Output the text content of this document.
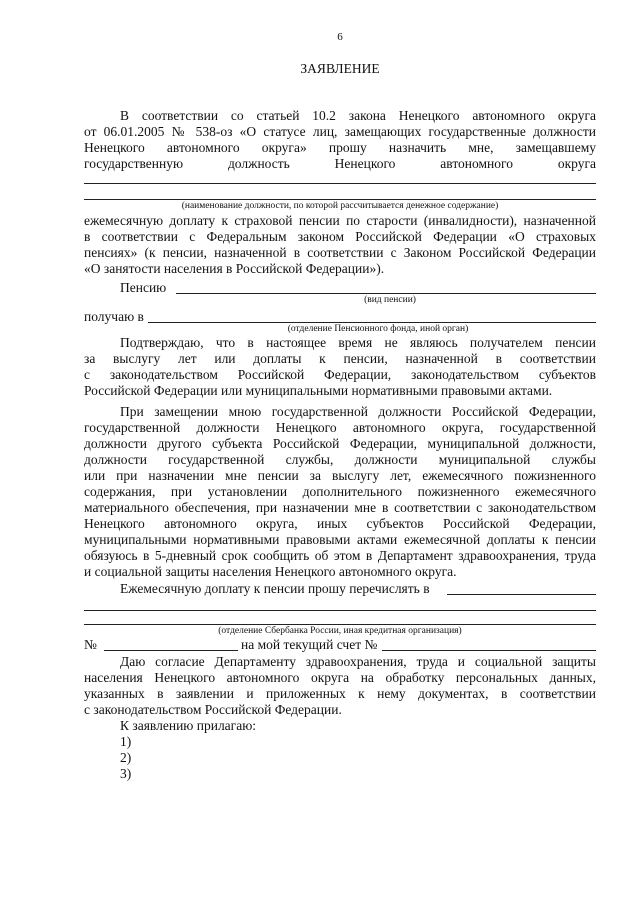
6
ЗАЯВЛЕНИЕ
В соответствии со статьей 10.2 закона Ненецкого автономного округа
от 06.01.2005 № 538-оз «О статусе лиц, замещающих государственные должности
Ненецкого автономного округа» прошу назначить мне, замещавшему
государственную должность Ненецкого автономного округа
(наименование должности, по которой рассчитывается денежное содержание)
ежемесячную доплату к страховой пенсии по старости (инвалидности), назначенной
в соответствии с Федеральным законом Российской Федерации «О страховых
пенсиях» (к пенсии, назначенной в соответствии с Законом Российской Федерации
«О занятости населения в Российской Федерации»).
Пенсию
(вид пенсии)
получаю в
(отделение Пенсионного фонда, иной орган)
Подтверждаю, что в настоящее время не являюсь получателем пенсии
за выслугу лет или доплаты к пенсии, назначенной в соответствии
с законодательством Российской Федерации, законодательством субъектов
Российской Федерации или муниципальными нормативными правовыми актами.
При замещении мною государственной должности Российской Федерации,
государственной должности Ненецкого автономного округа, государственной
должности другого субъекта Российской Федерации, муниципальной должности,
должности государственной службы, должности муниципальной службы
или при назначении мне пенсии за выслугу лет, ежемесячного пожизненного
содержания, при установлении дополнительного пожизненного ежемесячного
материального обеспечения, при назначении мне в соответствии с законодательством
Ненецкого автономного округа, иных субъектов Российской Федерации,
муниципальными нормативными правовыми актами ежемесячной доплаты к пенсии
обязуюсь в 5-дневный срок сообщить об этом в Департамент здравоохранения, труда
и социальной защиты населения Ненецкого автономного округа.
Ежемесячную доплату к пенсии прошу перечислять в
(отделение Сбербанка России, иная кредитная организация)
№	на мой текущий счет №
Даю согласие Департаменту здравоохранения, труда и социальной защиты
населения Ненецкого автономного округа на обработку персональных данных,
указанных в заявлении и приложенных к нему документах, в соответствии
с законодательством Российской Федерации.
К заявлению прилагаю:
1)
2)
3)
